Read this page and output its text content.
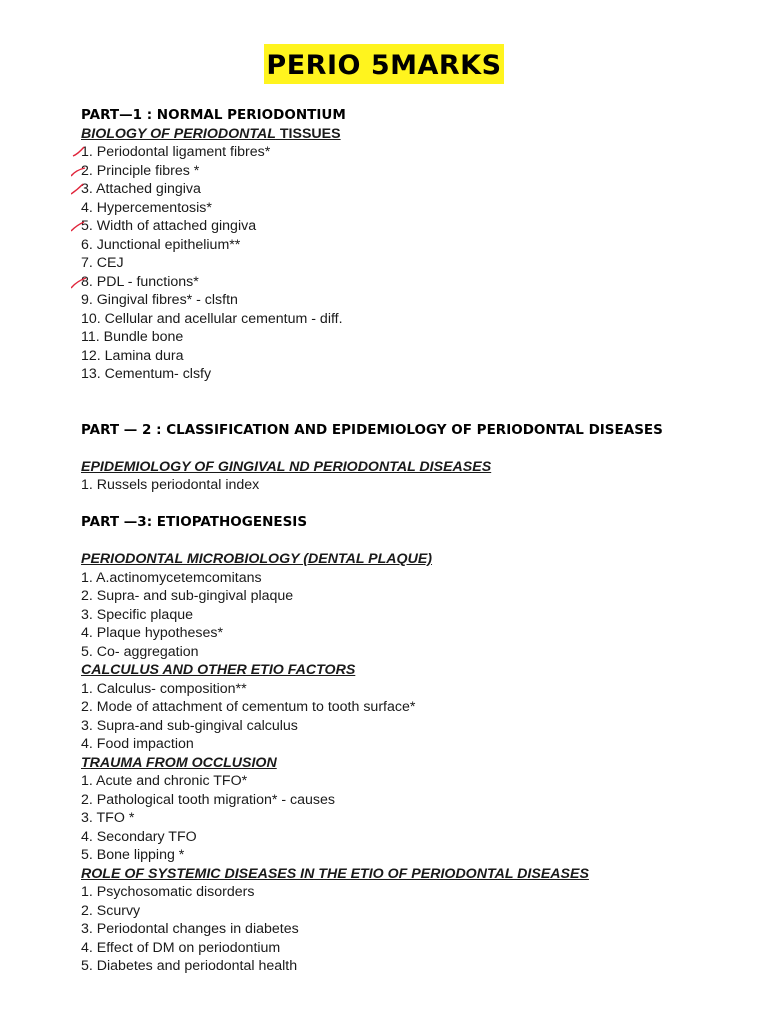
PERIO 5MARKS
PART—1 : NORMAL PERIODONTIUM
BIOLOGY OF PERIODONTAL TISSUES
1. Periodontal ligament fibres*
2. Principle fibres *
3. Attached gingiva
4. Hypercementosis*
5. Width of attached gingiva
6. Junctional epithelium**
7. CEJ
8. PDL - functions*
9. Gingival fibres* - clsftn
10. Cellular and acellular cementum - diff.
11. Bundle bone
12. Lamina dura
13. Cementum- clsfy
PART — 2 : CLASSIFICATION AND EPIDEMIOLOGY OF PERIODONTAL DISEASES
EPIDEMIOLOGY OF GINGIVAL ND PERIODONTAL DISEASES
1. Russels periodontal index
PART —3: ETIOPATHOGENESIS
PERIODONTAL MICROBIOLOGY (DENTAL PLAQUE)
1. A.actinomycetemcomitans
2. Supra- and sub-gingival plaque
3. Specific plaque
4. Plaque hypotheses*
5. Co- aggregation
CALCULUS AND OTHER ETIO FACTORS
1. Calculus- composition**
2. Mode of attachment of cementum to tooth surface*
3. Supra-and sub-gingival calculus
4. Food impaction
TRAUMA FROM OCCLUSION
1. Acute and chronic TFO*
2. Pathological tooth migration* - causes
3. TFO *
4. Secondary TFO
5. Bone lipping *
ROLE OF SYSTEMIC DISEASES IN THE ETIO OF PERIODONTAL DISEASES
1. Psychosomatic disorders
2. Scurvy
3. Periodontal changes in diabetes
4. Effect of DM on periodontium
5. Diabetes and periodontal health
